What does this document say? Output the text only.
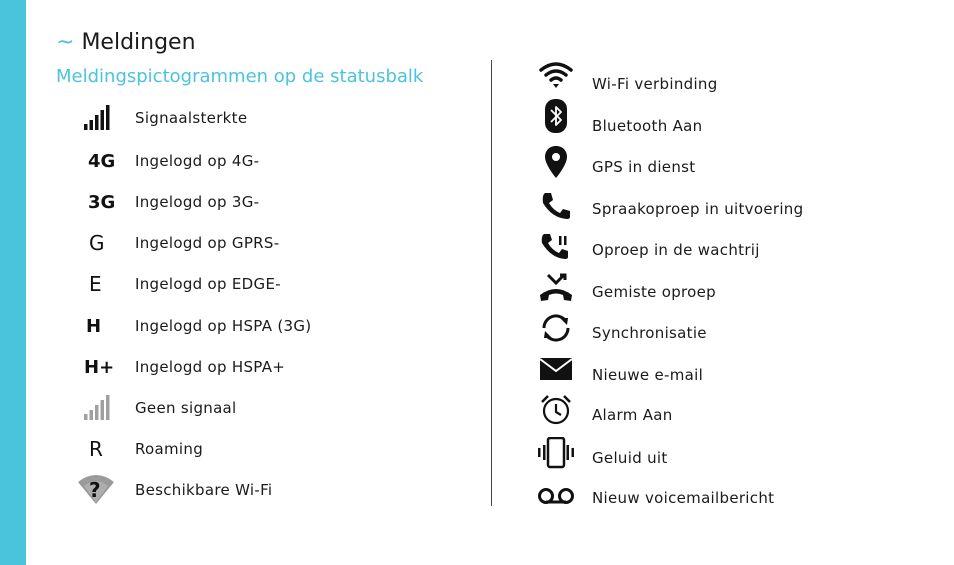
~ Meldingen
Meldingspictogrammen op de statusbalk
Signaalsterkte
4G Ingelogd op 4G-
3G Ingelogd op 3G-
G	Ingelogd op GPRS-
E	Ingelogd op EDGE-
H	Ingelogd op HSPA (3G)
H+ Ingelogd op HSPA+
Geen signaal
R	Roaming
? Beschikbare Wi-Fi
Wi-Fi verbinding
Bluetooth Aan
GPS in dienst
Spraakoproep in uitvoering
Oproep in de wachtrij
Gemiste oproep
Synchronisatie
Nieuwe e-mail
Alarm Aan
Geluid uit
Nieuw voicemailbericht
